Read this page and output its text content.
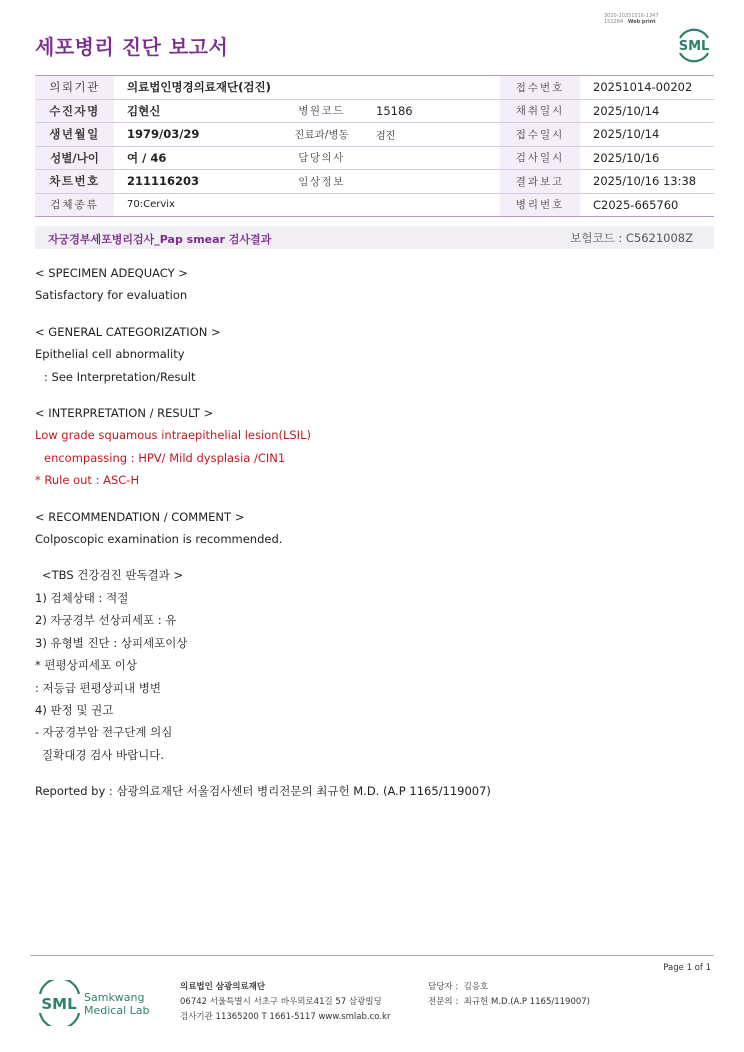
3020-20251016-1347
151284 Web print
세포병리 진단 보고서	SML
의뢰기관	의료법인명경의료재단(검진)			접수번호	20251014-00202
수진자명	김현신	병원코드	15186	채취일시	2025/10/14
생년월일	1979/03/29	진료과/병동	검진	접수일시	2025/10/14
성별/나이	여 / 46	담당의사		검사일시	2025/10/16
차트번호	211116203	임상정보		결과보고	2025/10/16 13:38
검체종류	70:Cervix			병리번호	C2025-665760
자궁경부세포병리검사_Pap smear 검사결과	보험코드 : C5621008Z
< SPECIMEN ADEQUACY >
Satisfactory for evaluation
< GENERAL CATEGORIZATION >
Epithelial cell abnormality
: See Interpretation/Result
< INTERPRETATION / RESULT >
Low grade squamous intraepithelial lesion(LSIL)
encompassing : HPV/ Mild dysplasia /CIN1
* Rule out : ASC-H
< RECOMMENDATION / COMMENT >
Colposcopic examination is recommended.
<TBS 건강검진 판독결과 >
1) 검체상태 : 적절
2) 자궁경부 선상피세포 : 유
3) 유형별 진단 : 상피세포이상
* 편평상피세포 이상
: 저등급 편평상피내 병변
4) 판정 및 권고
- 자궁경부암 전구단계 의심
질확대경 검사 바랍니다.
Reported by : 삼광의료재단 서울검사센터 병리전문의 최규헌 M.D. (A.P 1165/119007)
Page 1 of 1
SML Samkwang
Medical Lab
의료법인 삼광의료재단
06742 서울특별시 서초구 바우뫼로41길 57 삼광빌딩
검사기관 11365200 T 1661-5117 www.smlab.co.kr
담당자 : 김응호
전문의 : 최규헌 M.D.(A.P 1165/119007)
